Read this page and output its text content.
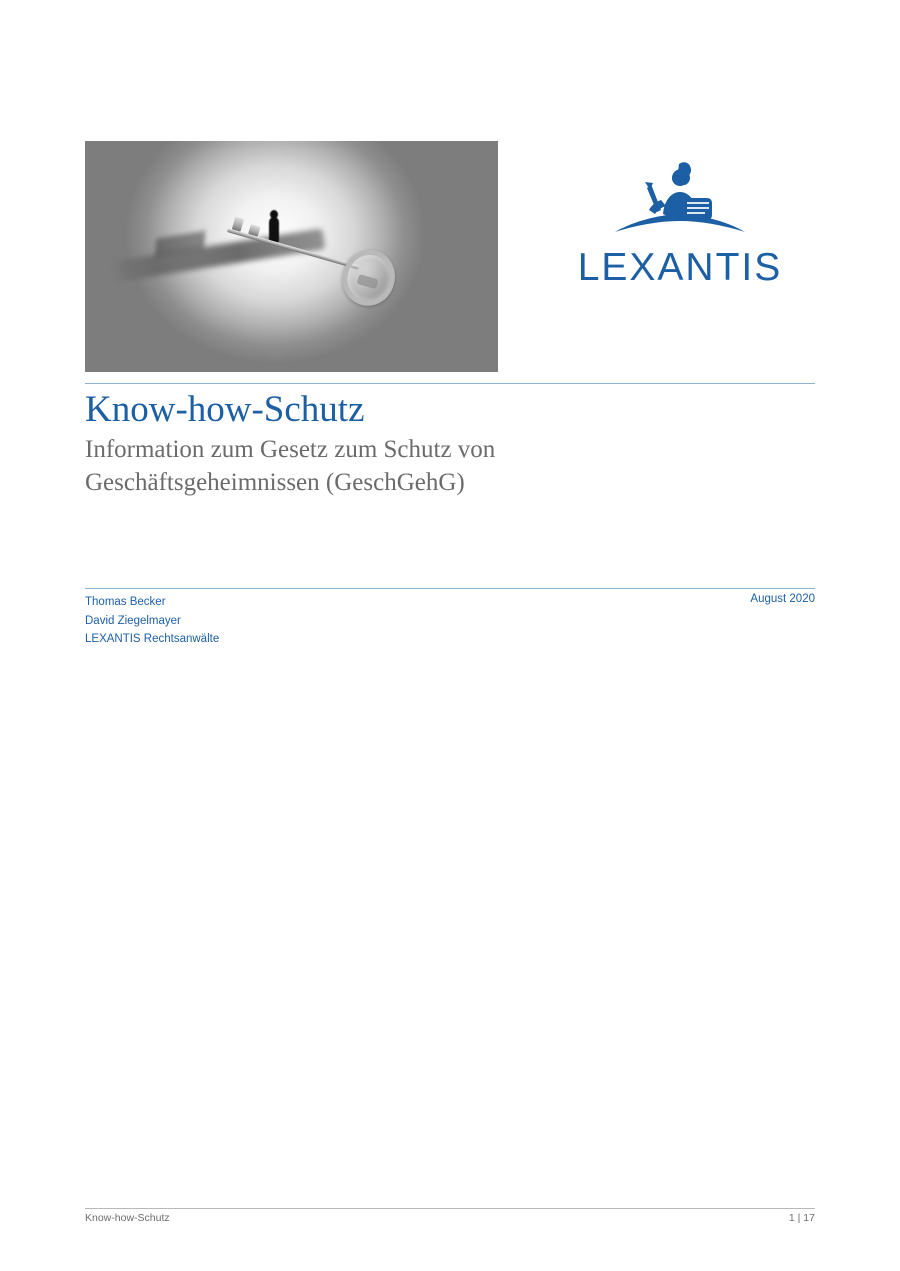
LEXANTIS
Know-how-Schutz
Information zum Gesetz zum Schutz von Geschäftsgeheimnissen (GeschGehG)
Thomas Becker
David Ziegelmayer
LEXANTIS Rechtsanwälte
August 2020
Know-how-Schutz	1 | 17
